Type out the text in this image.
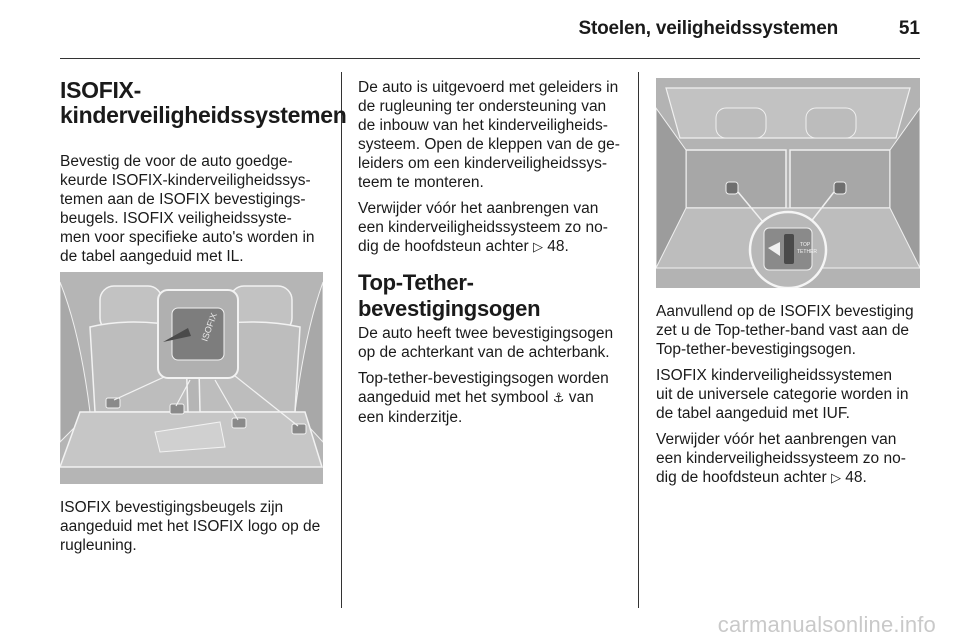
Stoelen, veiligheidssystemen	51
ISOFIX-
kinderveiligheidssystemen

Bevestig de voor de auto goedge-
keurde ISOFIX-kinderveiligheidssys-
temen aan de ISOFIX bevestigings-
beugels. ISOFIX veiligheidssyste-
men voor specifieke auto's worden in
de tabel aangeduid met IL.

ISOFIX

ISOFIX bevestigingsbeugels zijn
aangeduid met het ISOFIX logo op de
rugleuning.

De auto is uitgevoerd met geleiders in
de rugleuning ter ondersteuning van
de inbouw van het kinderveiligheids-
systeem. Open de kleppen van de ge-
leiders om een kinderveiligheidssys-
teem te monteren.

Verwijder vóór het aanbrengen van
een kinderveiligheidssysteem zo no-
dig de hoofdsteun achter ▷ 48.

Top-Tether-
bevestigingsogen

De auto heeft twee bevestigingsogen
op de achterkant van de achterbank.

Top-tether-bevestigingsogen worden
aangeduid met het symbool ⚓ van
een kinderzitje.

TOP
TETHER

Aanvullend op de ISOFIX bevestiging
zet u de Top-tether-band vast aan de
Top-tether-bevestigingsogen.

ISOFIX kinderveiligheidssystemen
uit de universele categorie worden in
de tabel aangeduid met IUF.

Verwijder vóór het aanbrengen van
een kinderveiligheidssysteem zo no-
dig de hoofdsteun achter ▷ 48.

carmanualsonline.info
